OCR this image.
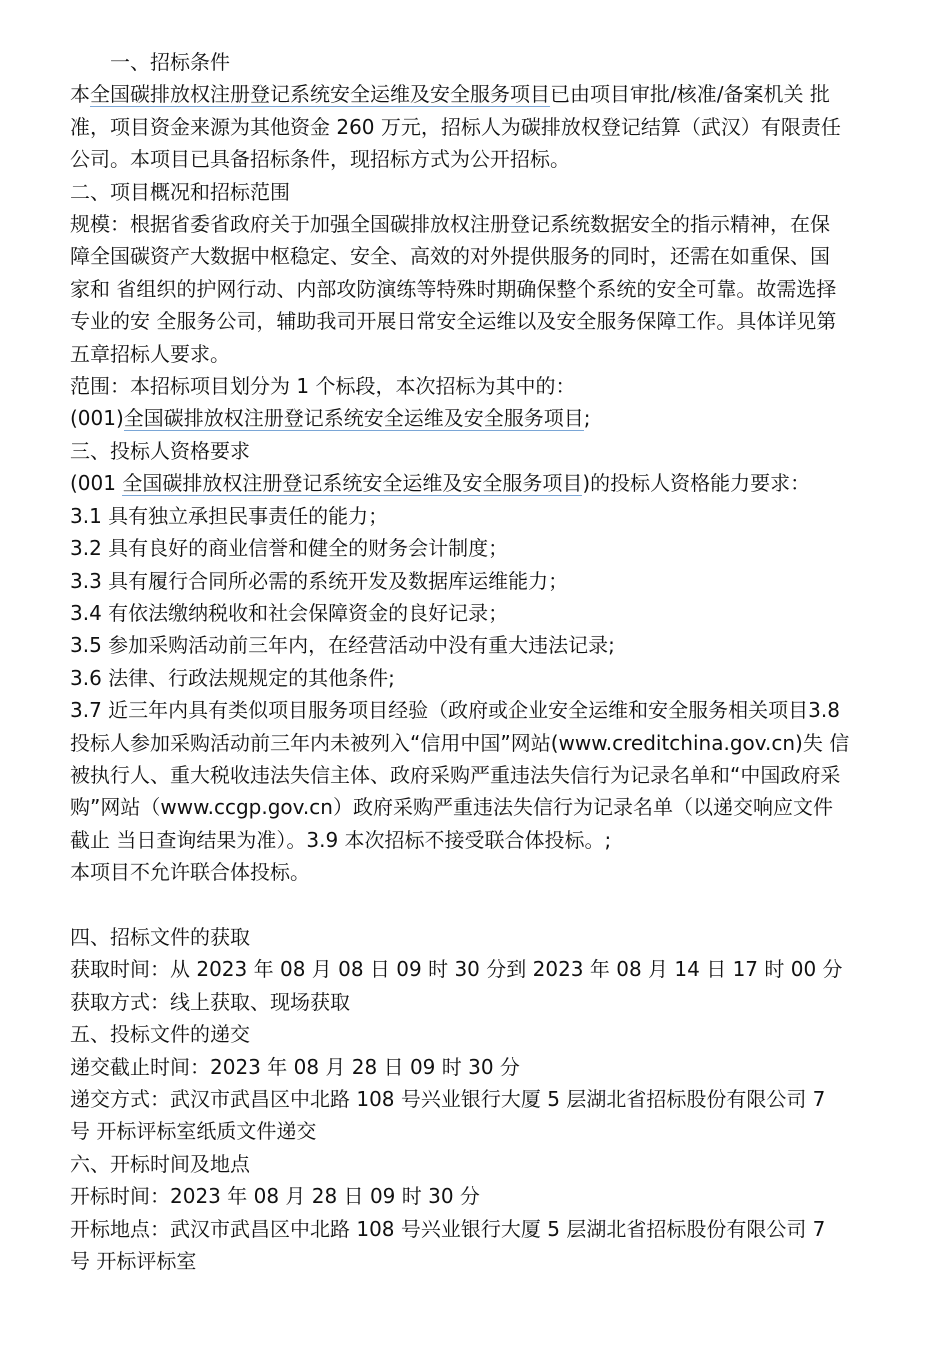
一、招标条件
本全国碳排放权注册登记系统安全运维及安全服务项目已由项目审批/核准/备案机关 批
准，项目资金来源为其他资金 260 万元，招标人为碳排放权登记结算（武汉）有限责任
公司。本项目已具备招标条件，现招标方式为公开招标。
二、项目概况和招标范围
规模：根据省委省政府关于加强全国碳排放权注册登记系统数据安全的指示精神，在保
障全国碳资产大数据中枢稳定、安全、高效的对外提供服务的同时，还需在如重保、国
家和 省组织的护网行动、内部攻防演练等特殊时期确保整个系统的安全可靠。故需选择
专业的安 全服务公司，辅助我司开展日常安全运维以及安全服务保障工作。具体详见第
五章招标人要求。
范围：本招标项目划分为 1 个标段，本次招标为其中的：
(001)全国碳排放权注册登记系统安全运维及安全服务项目;
三、投标人资格要求
(001 全国碳排放权注册登记系统安全运维及安全服务项目)的投标人资格能力要求：
3.1 具有独立承担民事责任的能力；
3.2 具有良好的商业信誉和健全的财务会计制度；
3.3 具有履行合同所必需的系统开发及数据库运维能力；
3.4 有依法缴纳税收和社会保障资金的良好记录；
3.5 参加采购活动前三年内，在经营活动中没有重大违法记录;
3.6 法律、行政法规规定的其他条件;
3.7 近三年内具有类似项目服务项目经验（政府或企业安全运维和安全服务相关项目3.8
投标人参加采购活动前三年内未被列入“信用中国”网站(www.creditchina.gov.cn)失 信
被执行人、重大税收违法失信主体、政府采购严重违法失信行为记录名单和“中国政府采
购”网站（www.ccgp.gov.cn）政府采购严重违法失信行为记录名单（以递交响应文件
截止 当日查询结果为准）。3.9 本次招标不接受联合体投标。;
本项目不允许联合体投标。
四、招标文件的获取
获取时间：从 2023 年 08 月 08 日 09 时 30 分到 2023 年 08 月 14 日 17 时 00 分
获取方式：线上获取、现场获取
五、投标文件的递交
递交截止时间：2023 年 08 月 28 日 09 时 30 分
递交方式：武汉市武昌区中北路 108 号兴业银行大厦 5 层湖北省招标股份有限公司 7
号 开标评标室纸质文件递交
六、开标时间及地点
开标时间：2023 年 08 月 28 日 09 时 30 分
开标地点：武汉市武昌区中北路 108 号兴业银行大厦 5 层湖北省招标股份有限公司 7
号 开标评标室
